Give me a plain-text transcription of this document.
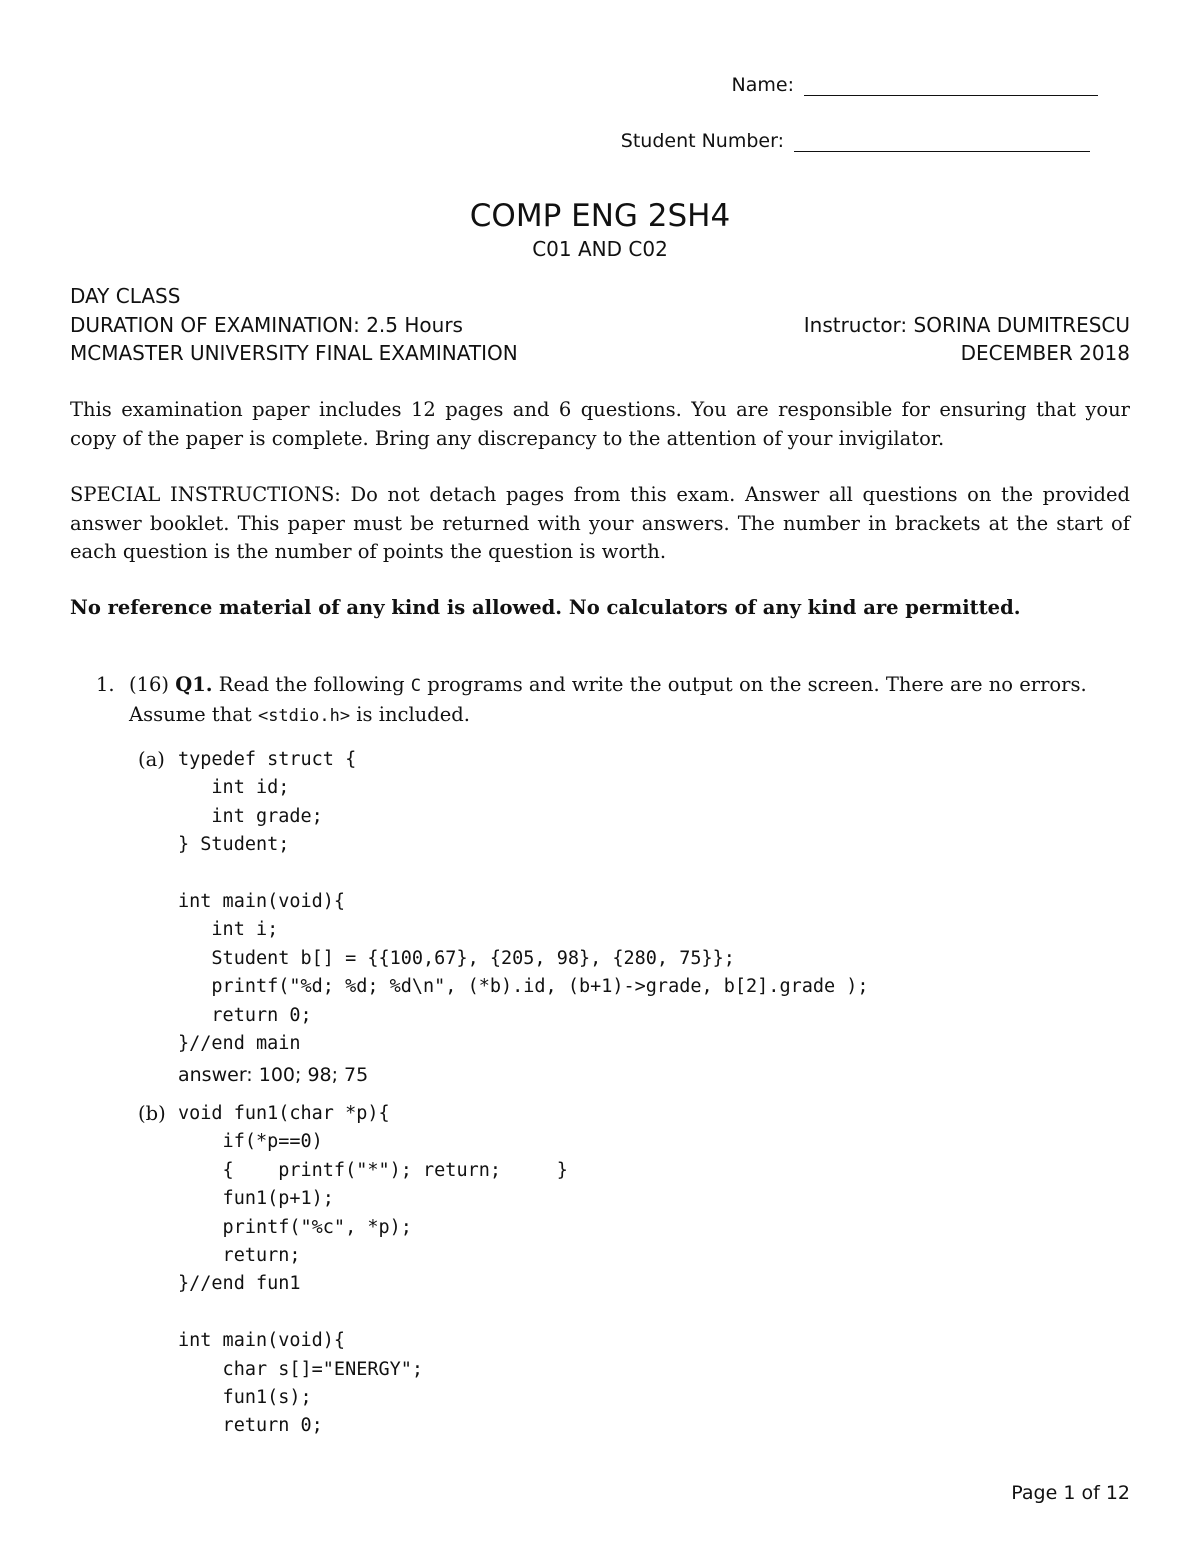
Name:
Student Number:
COMP ENG 2SH4
C01 AND C02
DAY CLASS
DURATION OF EXAMINATION: 2.5 Hours	Instructor: SORINA DUMITRESCU
MCMASTER UNIVERSITY FINAL EXAMINATION	DECEMBER 2018
This examination paper includes 12 pages and 6 questions. You are responsible for ensuring that your copy of the paper is complete. Bring any discrepancy to the attention of your invigilator.
SPECIAL INSTRUCTIONS: Do not detach pages from this exam. Answer all questions on the provided answer booklet. This paper must be returned with your answers. The number in brackets at the start of each question is the number of points the question is worth.
No reference material of any kind is allowed. No calculators of any kind are permitted.
1. (16) Q1. Read the following C programs and write the output on the screen. There are no errors. Assume that <stdio.h> is included.
(a) typedef struct {
int id;
int grade;
} Student;

int main(void){
int i;
Student b[] = {{100,67}, {205, 98}, {280, 75}};
printf("%d; %d; %d\n", (*b).id, (b+1)->grade, b[2].grade );
return 0;
}//end main
answer: 100; 98; 75
(b) void fun1(char *p){
if(*p==0)
{    printf("*"); return;     }
fun1(p+1);
printf("%c", *p);
return;
}//end fun1

int main(void){
char s[]="ENERGY";
fun1(s);
return 0;
Page 1 of 12
